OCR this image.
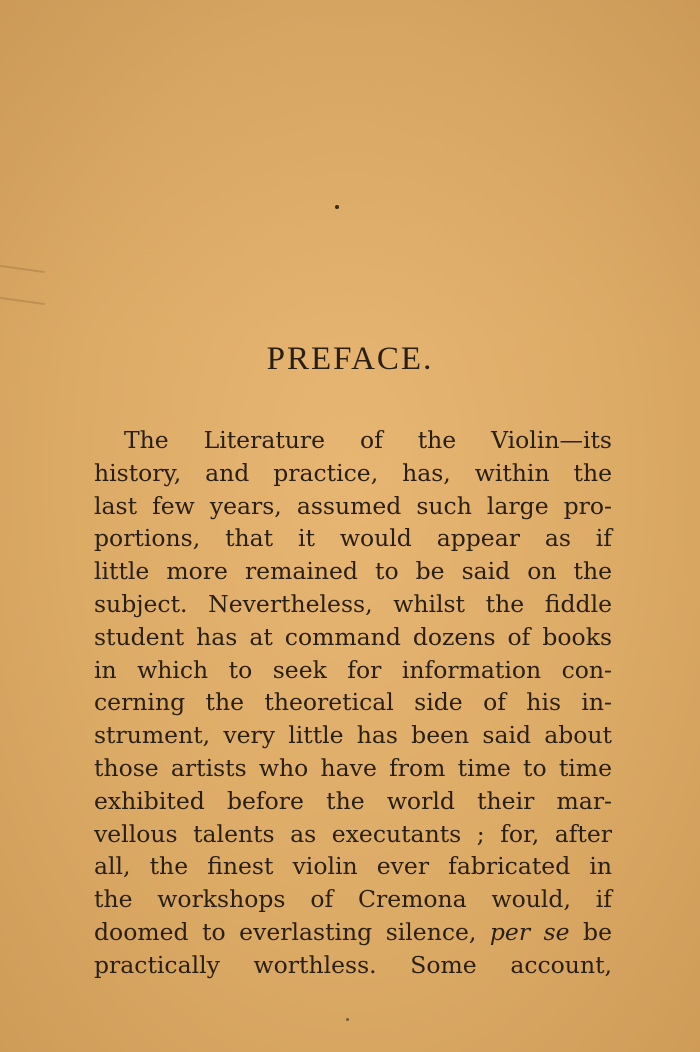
PREFACE.
The Literature of the Violin—its
history, and practice, has, within the
last few years, assumed such large pro-
portions, that it would appear as if
little more remained to be said on the
subject. Nevertheless, whilst the fiddle
student has at command dozens of books
in which to seek for information con-
cerning the theoretical side of his in-
strument, very little has been said about
those artists who have from time to time
exhibited before the world their mar-
vellous talents as executants ; for, after
all, the finest violin ever fabricated in
the workshops of Cremona would, if
doomed to everlasting silence, per se be
practically worthless. Some account,
